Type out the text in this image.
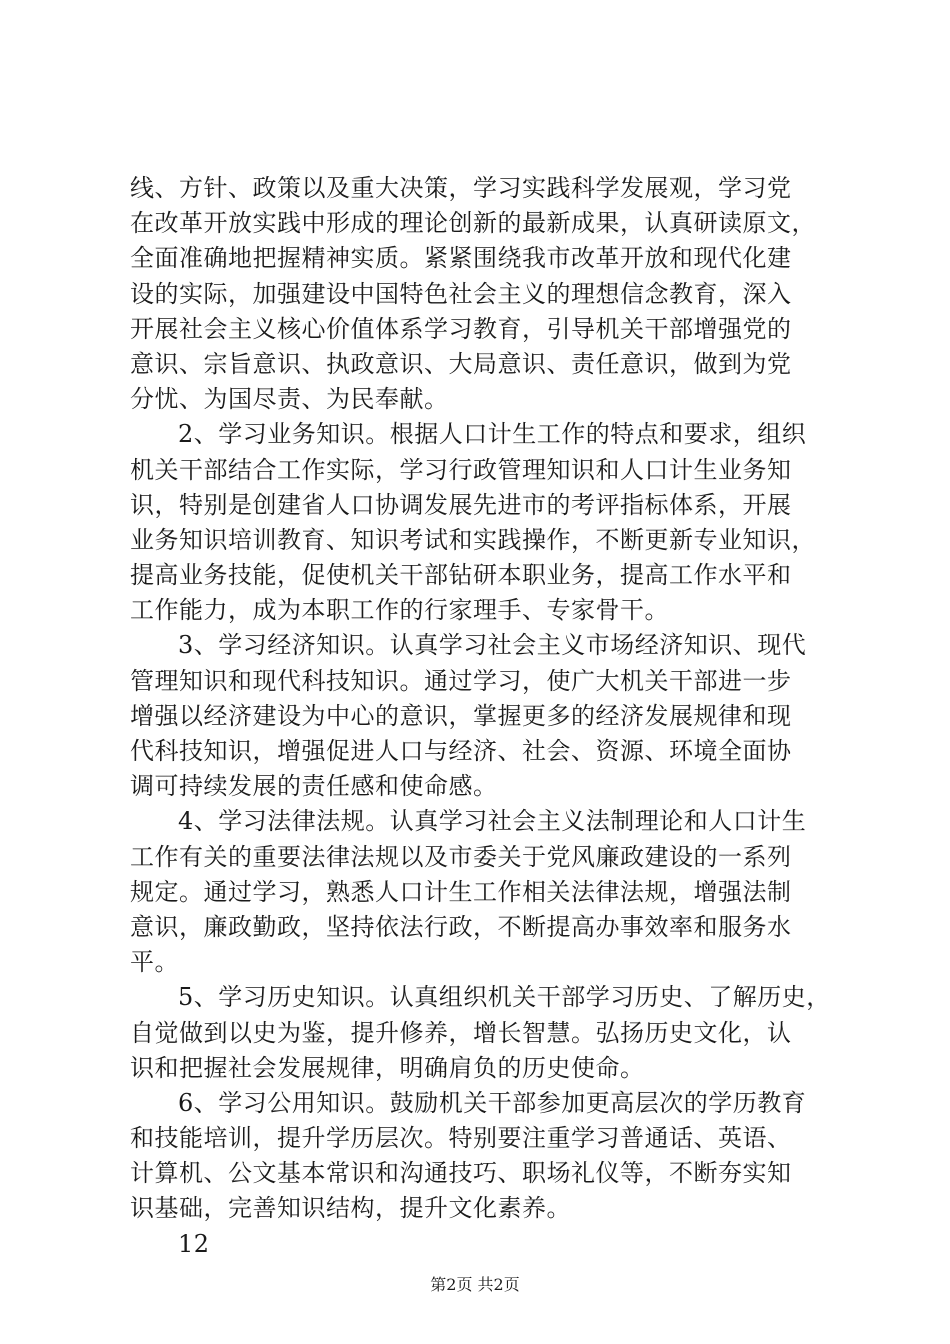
线、方针、政策以及重大决策，学习实践科学发展观，学习党
在改革开放实践中形成的理论创新的最新成果，认真研读原文，
全面准确地把握精神实质。紧紧围绕我市改革开放和现代化建
设的实际，加强建设中国特色社会主义的理想信念教育，深入
开展社会主义核心价值体系学习教育，引导机关干部增强党的
意识、宗旨意识、执政意识、大局意识、责任意识，做到为党
分忧、为国尽责、为民奉献。
2、学习业务知识。根据人口计生工作的特点和要求，组织
机关干部结合工作实际，学习行政管理知识和人口计生业务知
识，特别是创建省人口协调发展先进市的考评指标体系，开展
业务知识培训教育、知识考试和实践操作，不断更新专业知识，
提高业务技能，促使机关干部钻研本职业务，提高工作水平和
工作能力，成为本职工作的行家理手、专家骨干。
3、学习经济知识。认真学习社会主义市场经济知识、现代
管理知识和现代科技知识。通过学习，使广大机关干部进一步
增强以经济建设为中心的意识，掌握更多的经济发展规律和现
代科技知识，增强促进人口与经济、社会、资源、环境全面协
调可持续发展的责任感和使命感。
4、学习法律法规。认真学习社会主义法制理论和人口计生
工作有关的重要法律法规以及市委关于党风廉政建设的一系列
规定。通过学习，熟悉人口计生工作相关法律法规，增强法制
意识，廉政勤政，坚持依法行政，不断提高办事效率和服务水
平。
5、学习历史知识。认真组织机关干部学习历史、了解历史，
自觉做到以史为鉴，提升修养，增长智慧。弘扬历史文化，认
识和把握社会发展规律，明确肩负的历史使命。
6、学习公用知识。鼓励机关干部参加更高层次的学历教育
和技能培训，提升学历层次。特别要注重学习普通话、英语、
计算机、公文基本常识和沟通技巧、职场礼仪等，不断夯实知
识基础，完善知识结构，提升文化素养。
12
第2页 共2页
